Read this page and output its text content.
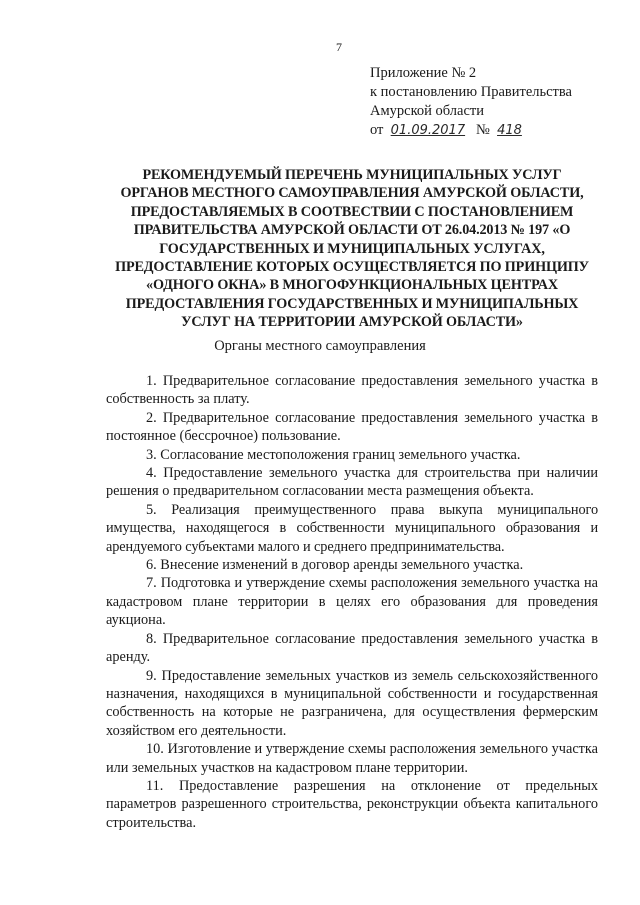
7
Приложение № 2
к постановлению Правительства
Амурской области
от 01.09.2017 № 418
РЕКОМЕНДУЕМЫЙ ПЕРЕЧЕНЬ МУНИЦИПАЛЬНЫХ УСЛУГ
ОРГАНОВ МЕСТНОГО САМОУПРАВЛЕНИЯ АМУРСКОЙ ОБЛАСТИ,
ПРЕДОСТАВЛЯЕМЫХ В СООТВЕСТВИИ С ПОСТАНОВЛЕНИЕМ
ПРАВИТЕЛЬСТВА АМУРСКОЙ ОБЛАСТИ ОТ 26.04.2013 № 197 «О
ГОСУДАРСТВЕННЫХ И МУНИЦИПАЛЬНЫХ УСЛУГАХ,
ПРЕДОСТАВЛЕНИЕ КОТОРЫХ ОСУЩЕСТВЛЯЕТСЯ ПО ПРИНЦИПУ
«ОДНОГО ОКНА» В МНОГОФУНКЦИОНАЛЬНЫХ ЦЕНТРАХ
ПРЕДОСТАВЛЕНИЯ ГОСУДАРСТВЕННЫХ И МУНИЦИПАЛЬНЫХ
УСЛУГ НА ТЕРРИТОРИИ АМУРСКОЙ ОБЛАСТИ»
Органы местного самоуправления

1. Предварительное согласование предоставления земельного участка в собственность за плату.

2. Предварительное согласование предоставления земельного участка в постоянное (бессрочное) пользование.

3. Согласование местоположения границ земельного участка.

4. Предоставление земельного участка для строительства при наличии решения о предварительном согласовании места размещения объекта.

5. Реализация преимущественного права выкупа муниципального имущества, находящегося в собственности муниципального образования и арендуемого субъектами малого и среднего предпринимательства.

6. Внесение изменений в договор аренды земельного участка.

7. Подготовка и утверждение схемы расположения земельного участка на кадастровом плане территории в целях его образования для проведения аукциона.

8. Предварительное согласование предоставления земельного участка в аренду.

9. Предоставление земельных участков из земель сельскохозяйственного назначения, находящихся в муниципальной собственности и государственная собственность на которые не разграничена, для осуществления фермерским хозяйством его деятельности.

10. Изготовление и утверждение схемы расположения земельного участка или земельных участков на кадастровом плане территории.

11. Предоставление разрешения на отклонение от предельных параметров разрешенного строительства, реконструкции объекта капитального строительства.
